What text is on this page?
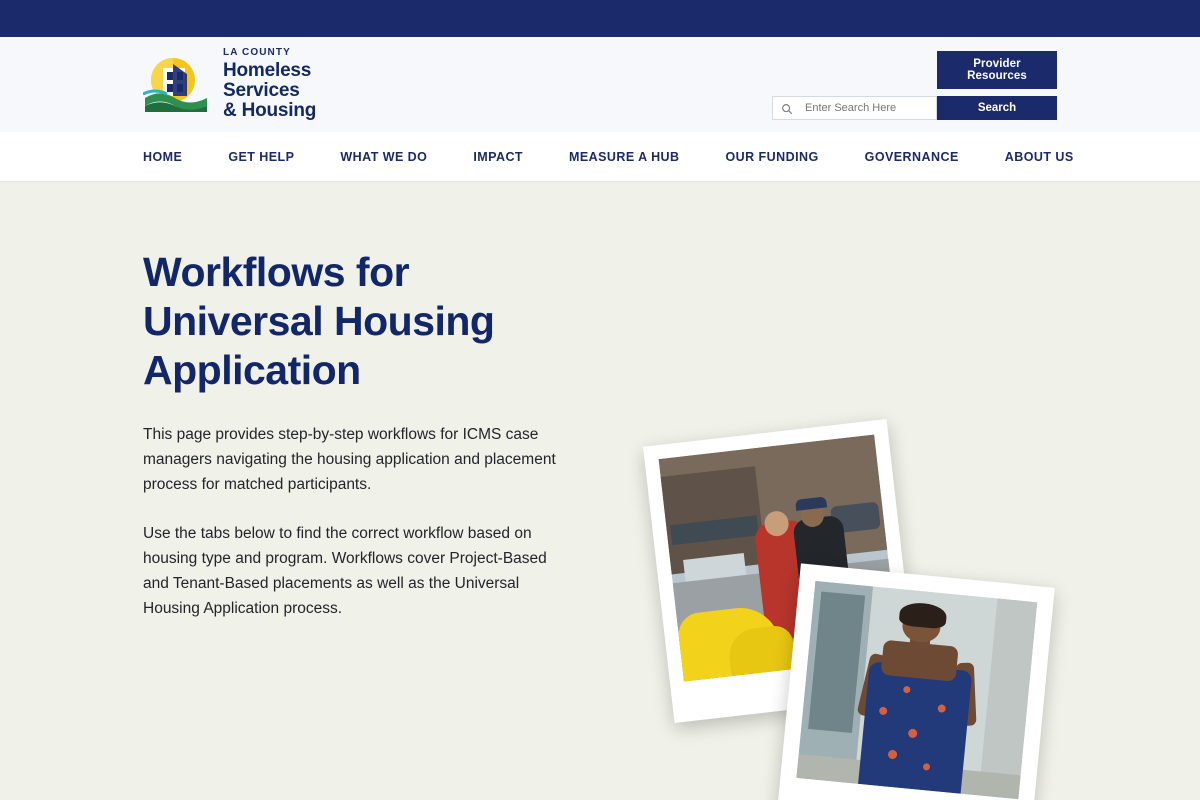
LA COUNTY
Homeless
Services
& Housing
Provider Resources
Enter Search Here
Search
HOME	GET HELP	WHAT WE DO	IMPACT	MEASURE A HUB	OUR FUNDING	GOVERNANCE	ABOUT US
Workflows for Universal Housing Application

This page provides step-by-step workflows for ICMS case managers navigating the housing application and placement process for matched participants.

Use the tabs below to find the correct workflow based on housing type and program. Workflows cover Project-Based and Tenant-Based placements as well as the Universal Housing Application process.
